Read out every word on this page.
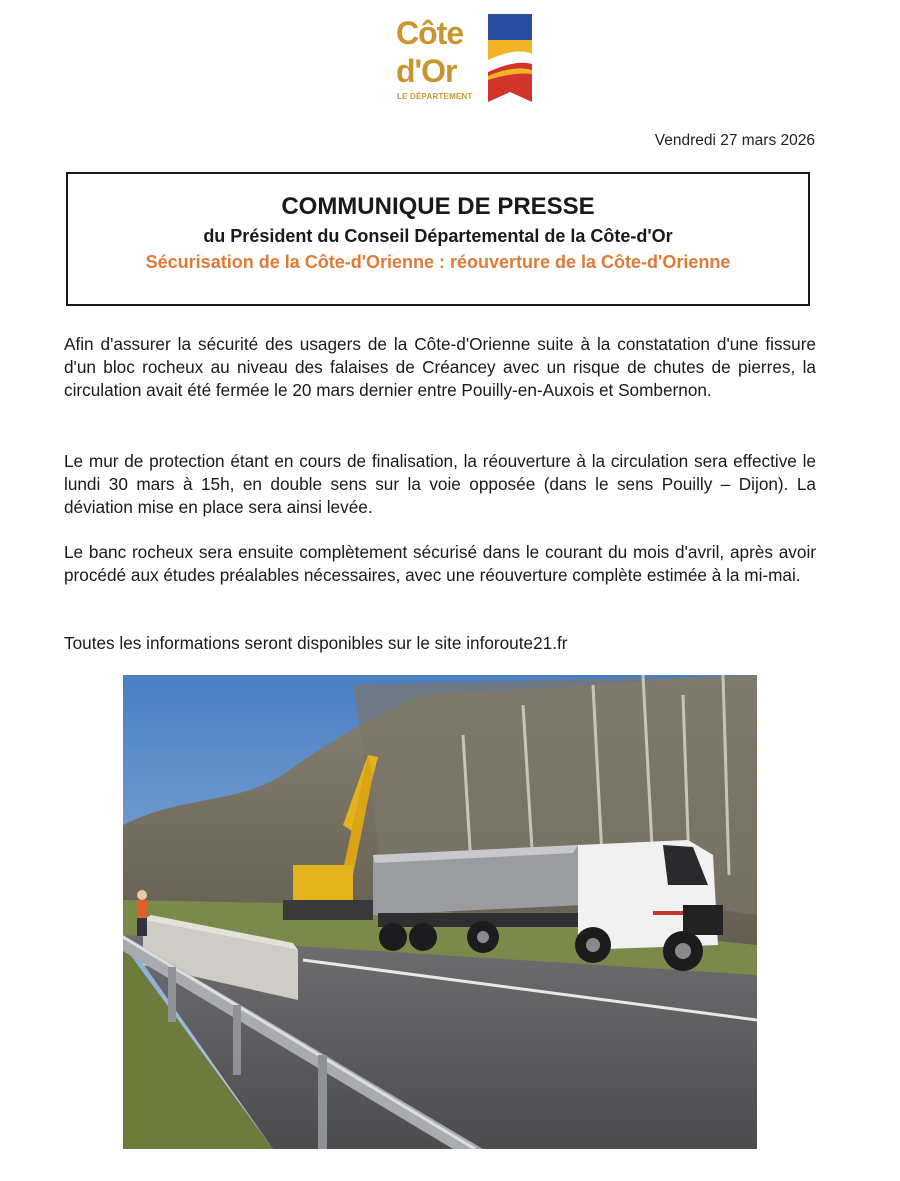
Côte
d'Or
LE DÉPARTEMENT
Vendredi 27 mars 2026
COMMUNIQUE DE PRESSE
du Président du Conseil Départemental de la Côte-d'Or
Sécurisation de la Côte-d'Orienne : réouverture de la Côte-d'Orienne
Afin d'assurer la sécurité des usagers de la Côte-d'Orienne suite à la constatation d'une fissure d'un bloc rocheux au niveau des falaises de Créancey avec un risque de chutes de pierres, la circulation avait été fermée le 20 mars dernier entre Pouilly-en-Auxois et Sombernon.
Le mur de protection étant en cours de finalisation, la réouverture à la circulation sera effective le lundi 30 mars à 15h, en double sens sur la voie opposée (dans le sens Pouilly – Dijon). La déviation mise en place sera ainsi levée.
Le banc rocheux sera ensuite complètement sécurisé dans le courant du mois d'avril, après avoir procédé aux études préalables nécessaires, avec une réouverture complète estimée à la mi-mai.
Toutes les informations seront disponibles sur le site inforoute21.fr
